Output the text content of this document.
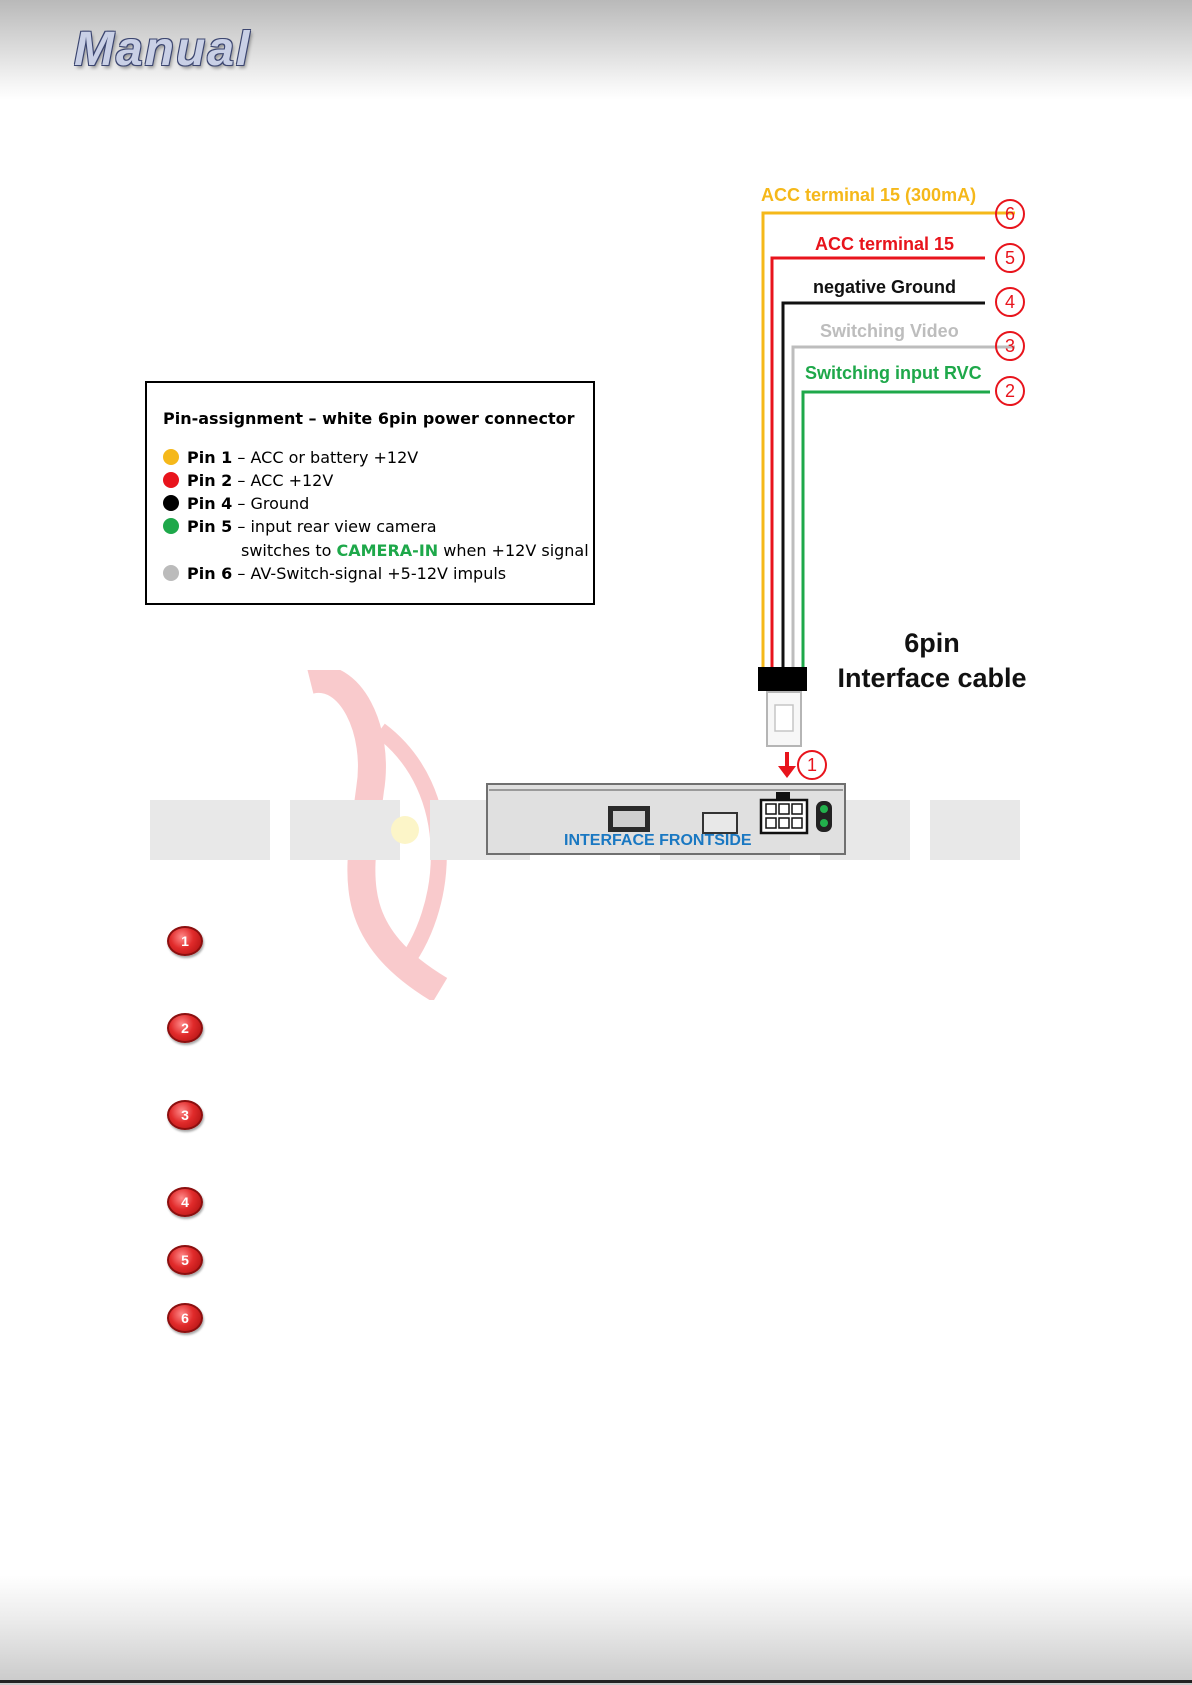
Manual
Pin-assignment – white 6pin power connector
Pin 1 – ACC or battery +12V
Pin 2 – ACC +12V
Pin 4 – Ground
Pin 5 – input rear view camera
switches to CAMERA-IN when +12V signal
Pin 6 – AV-Switch-signal +5-12V impuls
ACC terminal 15 (300mA)
ACC terminal 15
negative Ground
Switching Video
Switching input RVC
6
5
4
3
2
1
6pin
Interface cable
INTERFACE FRONTSIDE
1
2
3
4
5
6
